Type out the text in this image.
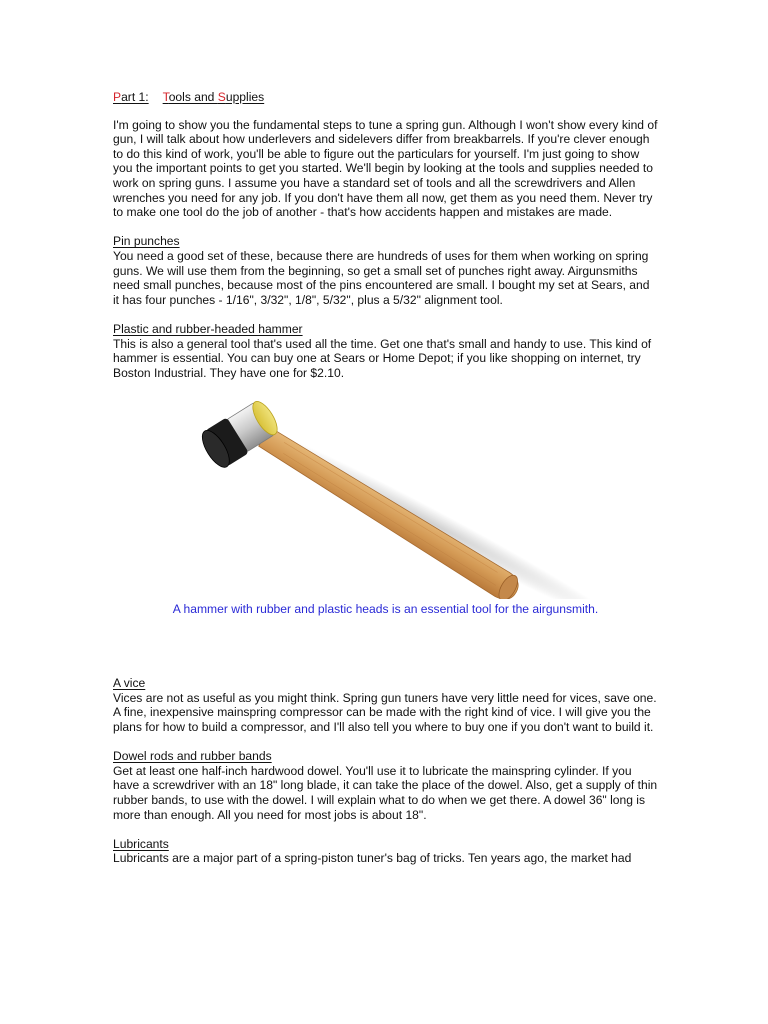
Part 1: Tools and Supplies

I'm going to show you the fundamental steps to tune a spring gun. Although I won't show every kind of gun, I will talk about how underlevers and sidelevers differ from breakbarrels. If you're clever enough to do this kind of work, you'll be able to figure out the particulars for yourself. I'm just going to show you the important points to get you started. We'll begin by looking at the tools and supplies needed to work on spring guns. I assume you have a standard set of tools and all the screwdrivers and Allen wrenches you need for any job. If you don't have them all now, get them as you need them. Never try to make one tool do the job of another - that's how accidents happen and mistakes are made.

Pin punches

You need a good set of these, because there are hundreds of uses for them when working on spring guns. We will use them from the beginning, so get a small set of punches right away. Airgunsmiths need small punches, because most of the pins encountered are small. I bought my set at Sears, and it has four punches - 1/16", 3/32", 1/8", 5/32", plus a 5/32" alignment tool.

Plastic and rubber-headed hammer

This is also a general tool that's used all the time. Get one that's small and handy to use. This kind of hammer is essential. You can buy one at Sears or Home Depot; if you like shopping on internet, try Boston Industrial. They have one for $2.10.

A hammer with rubber and plastic heads is an essential tool for the airgunsmith.
A vice

Vices are not as useful as you might think. Spring gun tuners have very little need for vices, save one. A fine, inexpensive mainspring compressor can be made with the right kind of vice. I will give you the plans for how to build a compressor, and I'll also tell you where to buy one if you don't want to build it.

Dowel rods and rubber bands

Get at least one half-inch hardwood dowel. You'll use it to lubricate the mainspring cylinder. If you have a screwdriver with an 18" long blade, it can take the place of the dowel. Also, get a supply of thin rubber bands, to use with the dowel. I will explain what to do when we get there. A dowel 36" long is more than enough. All you need for most jobs is about 18".

Lubricants

Lubricants are a major part of a spring-piston tuner's bag of tricks. Ten years ago, the market had
